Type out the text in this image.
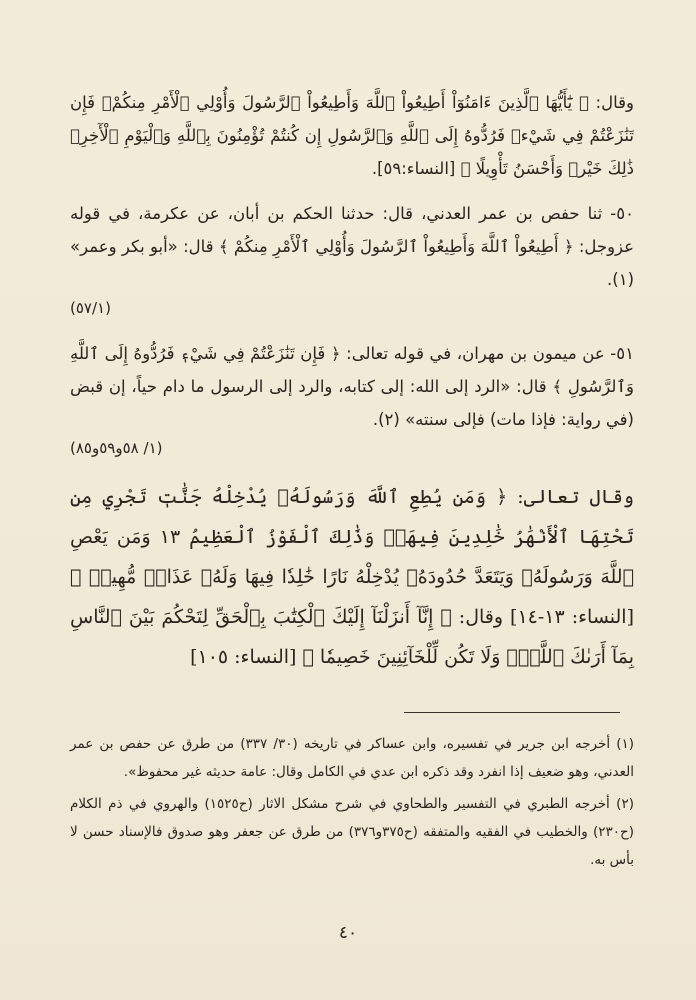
وقال: ﴿ يَٰٓأَيُّهَا ٱلَّذِينَ ءَامَنُوٓاْ أَطِيعُواْ ٱللَّهَ وَأَطِيعُواْ ٱلرَّسُولَ وَأُوْلِي ٱلْأَمْرِ مِنكُمْۖ فَإِن تَنَٰزَعْتُمْ فِي شَيْءٖ فَرُدُّوهُ إِلَى ٱللَّهِ وَٱلرَّسُولِ إِن كُنتُمْ تُؤْمِنُونَ بِٱللَّهِ وَٱلْيَوْمِ ٱلْأٓخِرِۚ ذَٰلِكَ خَيْرٞ وَأَحْسَنُ تَأْوِيلًا ﴾ [النساء:٥٩].

٥٠- ثنا حفص بن عمر العدني، قال: حدثنا الحكم بن أبان، عن عكرمة، في قوله عزوجل: ﴿ أَطِيعُواْ ٱللَّهَ وَأَطِيعُواْ ٱلرَّسُولَ وَأُوْلِي ٱلْأَمْرِ مِنكُمْ ﴾ قال: «أبو بكر وعمر» (١).
(٥٧/١)

٥١- عن ميمون بن مهران، في قوله تعالى: ﴿ فَإِن تَنَٰزَعْتُمْ فِي شَيْءٖ فَرُدُّوهُ إِلَى ٱللَّهِ وَٱلرَّسُولِ ﴾ قال: «الرد إلى الله: إلى كتابه، والرد إلى الرسول ما دام حياً، إن قبض (في رواية: فإذا مات) فإلى سنته» (٢).
(١/ ٥٨و٥٩و٨٥)

وقال تعالى: ﴿ وَمَن يُطِعِ ٱللَّهَ وَرَسُولَهُۥ يُدْخِلْهُ جَنَّٰتٖ تَجْرِي مِن تَحْتِهَا ٱلْأَنْهَٰرُ خَٰلِدِينَ فِيهَاۚ وَذَٰلِكَ ٱلْفَوْزُ ٱلْعَظِيمُ ١٣ وَمَن يَعْصِ ٱللَّهَ وَرَسُولَهُۥ وَيَتَعَدَّ حُدُودَهُۥ يُدْخِلْهُ نَارًا خَٰلِدٗا فِيهَا وَلَهُۥ عَذَابٞ مُّهِينٞ ﴾ [النساء: ١٣-١٤] وقال: ﴿ إِنَّآ أَنزَلْنَآ إِلَيْكَ ٱلْكِتَٰبَ بِٱلْحَقِّ لِتَحْكُمَ بَيْنَ ٱلنَّاسِ بِمَآ أَرَىٰكَ ٱللَّهُۚ وَلَا تَكُن لِّلْخَآئِنِينَ خَصِيمٗا ﴾ [النساء: ١٠٥]

(١) أخرجه ابن جرير في تفسيره، وابن عساكر في تاريخه (٣٠/ ٣٣٧) من طرق عن حفص بن عمر العدني، وهو ضعيف إذا انفرد وقد ذكره ابن عدي في الكامل وقال: عامة حديثه غير محفوظ».

(٢) أخرجه الطبري في التفسير والطحاوي في شرح مشكل الاثار (ح١٥٢٥) والهروي في ذم الكلام (ح٢٣٠) والخطيب في الفقيه والمتفقه (ح٣٧٥و٣٧٦) من طرق عن جعفر وهو صدوق فالإسناد حسن لا بأس به.

٤٠
